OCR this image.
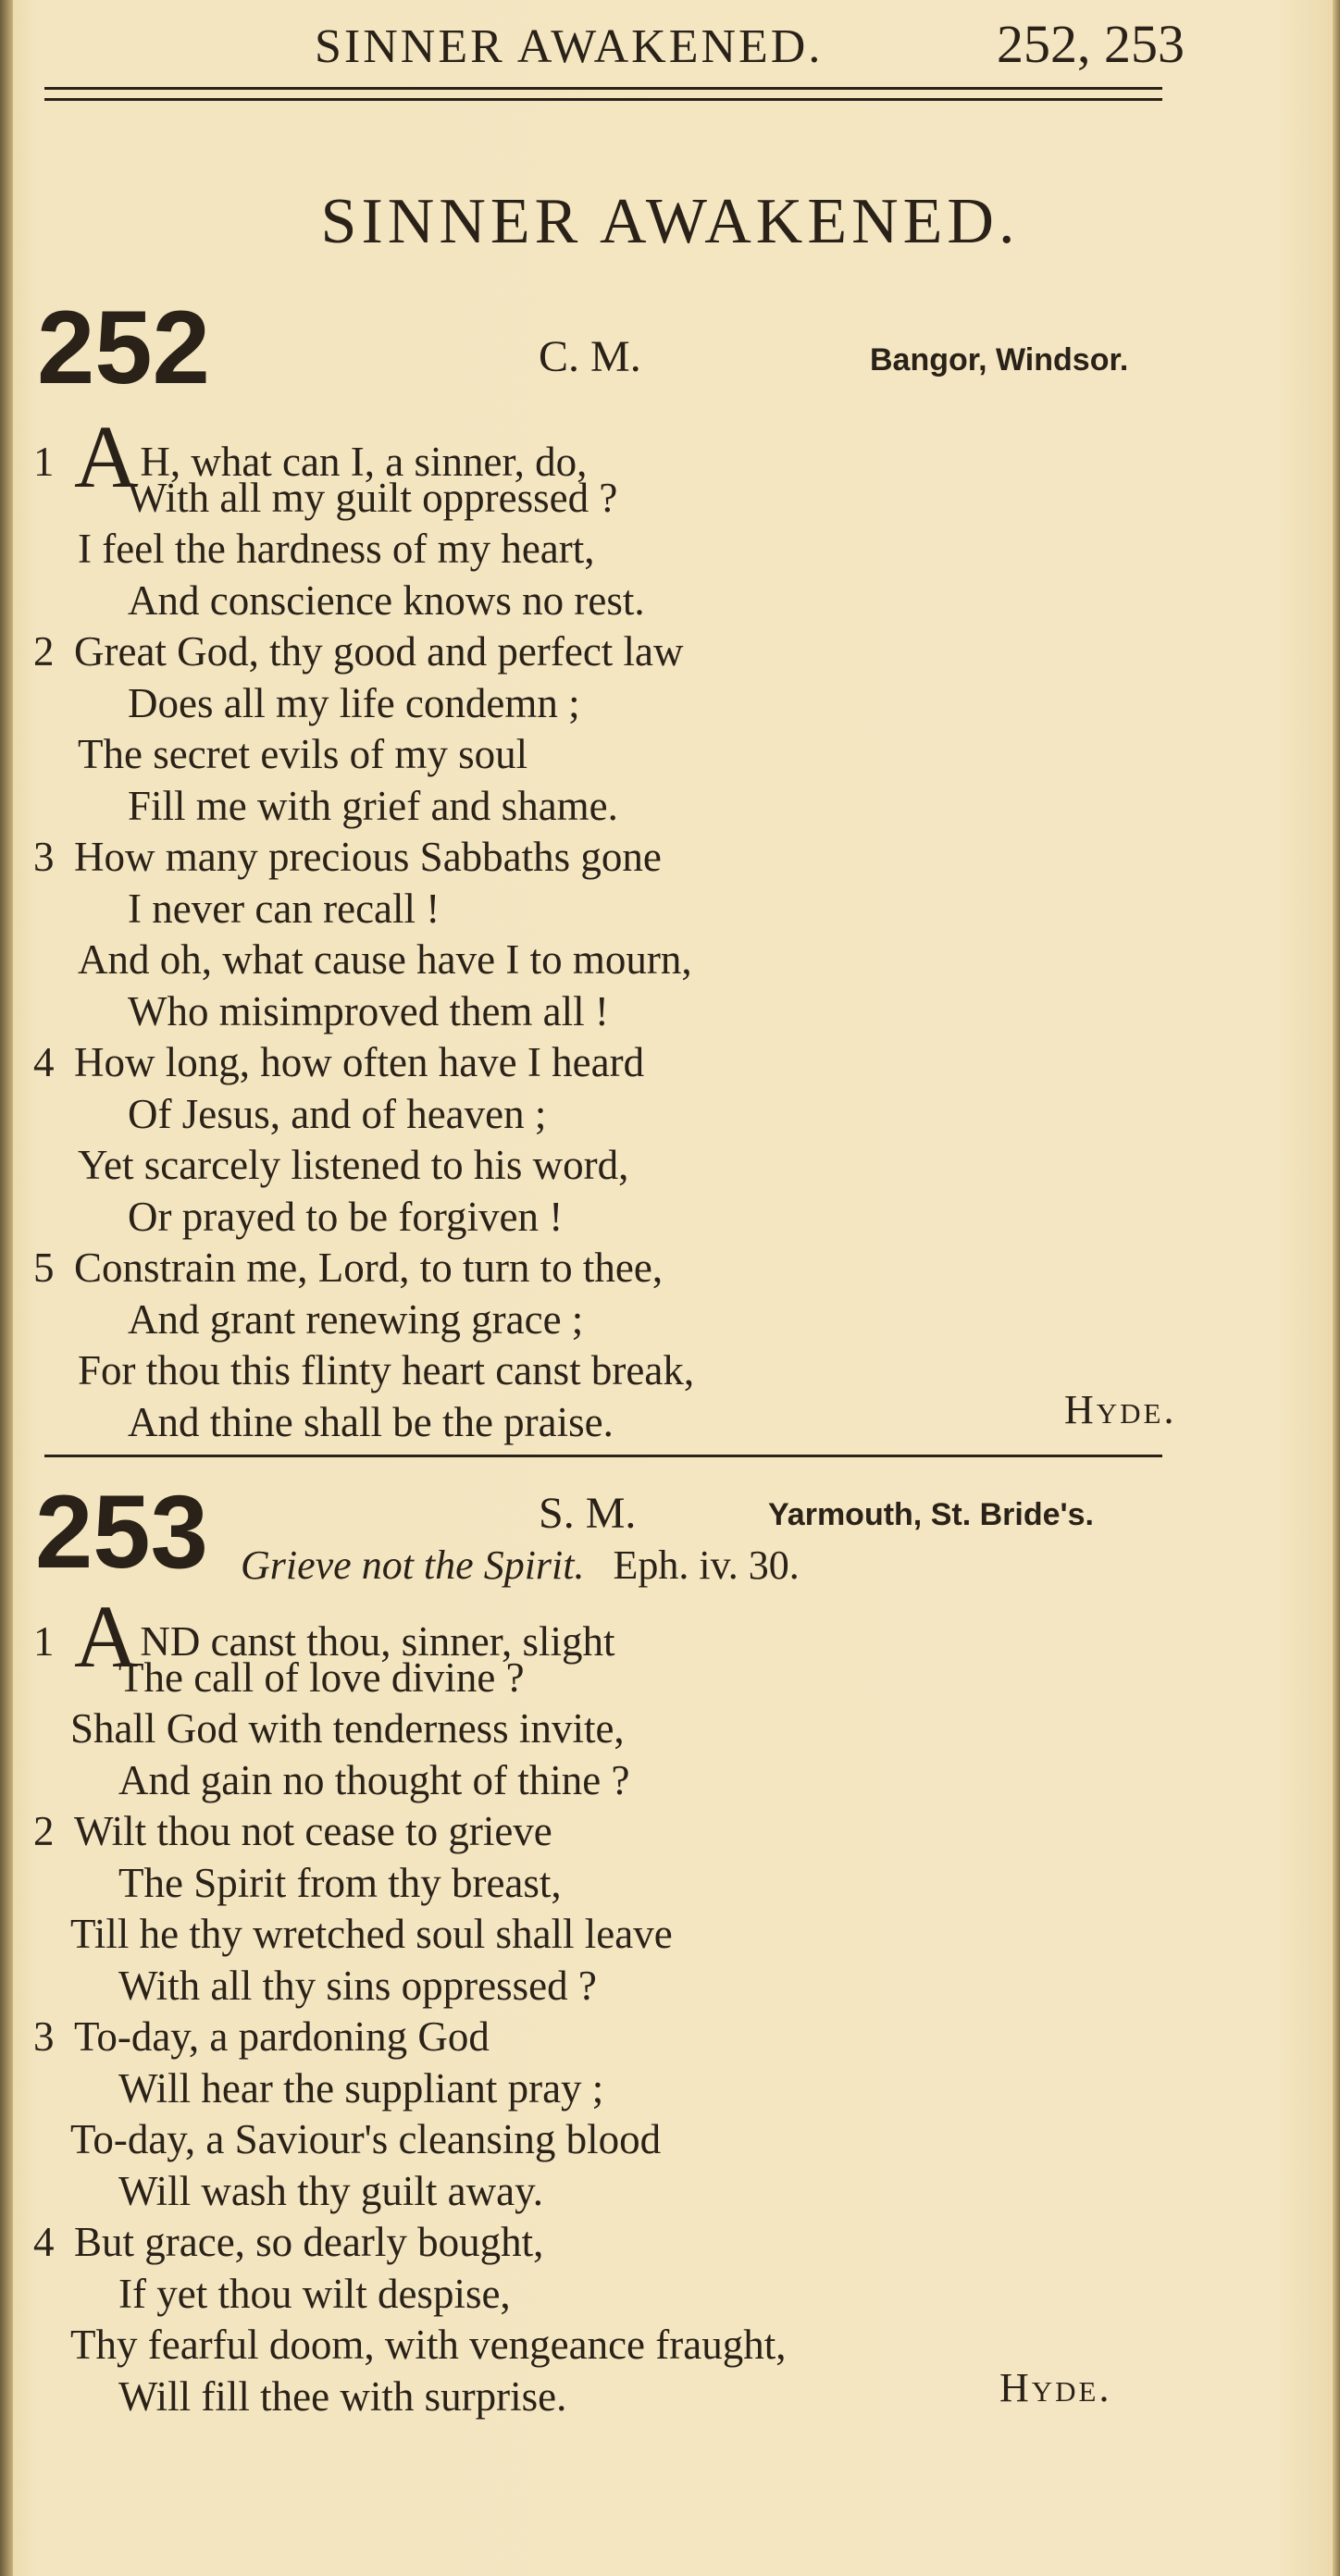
SINNER AWAKENED.	252, 253
SINNER AWAKENED.
252	C. M.	Bangor, Windsor.
1 AH, what can I, a sinner, do,
With all my guilt oppressed ?
I feel the hardness of my heart,
And conscience knows no rest.
2 Great God, thy good and perfect law
Does all my life condemn ;
The secret evils of my soul
Fill me with grief and shame.
3 How many precious Sabbaths gone
I never can recall !
And oh, what cause have I to mourn,
Who misimproved them all !
4 How long, how often have I heard
Of Jesus, and of heaven ;
Yet scarcely listened to his word,
Or prayed to be forgiven !
5 Constrain me, Lord, to turn to thee,
And grant renewing grace ;
For thou this flinty heart canst break,
And thine shall be the praise.	Hyde.
253	S. M.	Yarmouth, St. Bride's.
Grieve not the Spirit. Eph. iv. 30.
1 AND canst thou, sinner, slight
The call of love divine ?
Shall God with tenderness invite,
And gain no thought of thine ?
2 Wilt thou not cease to grieve
The Spirit from thy breast,
Till he thy wretched soul shall leave
With all thy sins oppressed ?
3 To-day, a pardoning God
Will hear the suppliant pray ;
To-day, a Saviour's cleansing blood
Will wash thy guilt away.
4 But grace, so dearly bought,
If yet thou wilt despise,
Thy fearful doom, with vengeance fraught,
Will fill thee with surprise.	Hyde.
